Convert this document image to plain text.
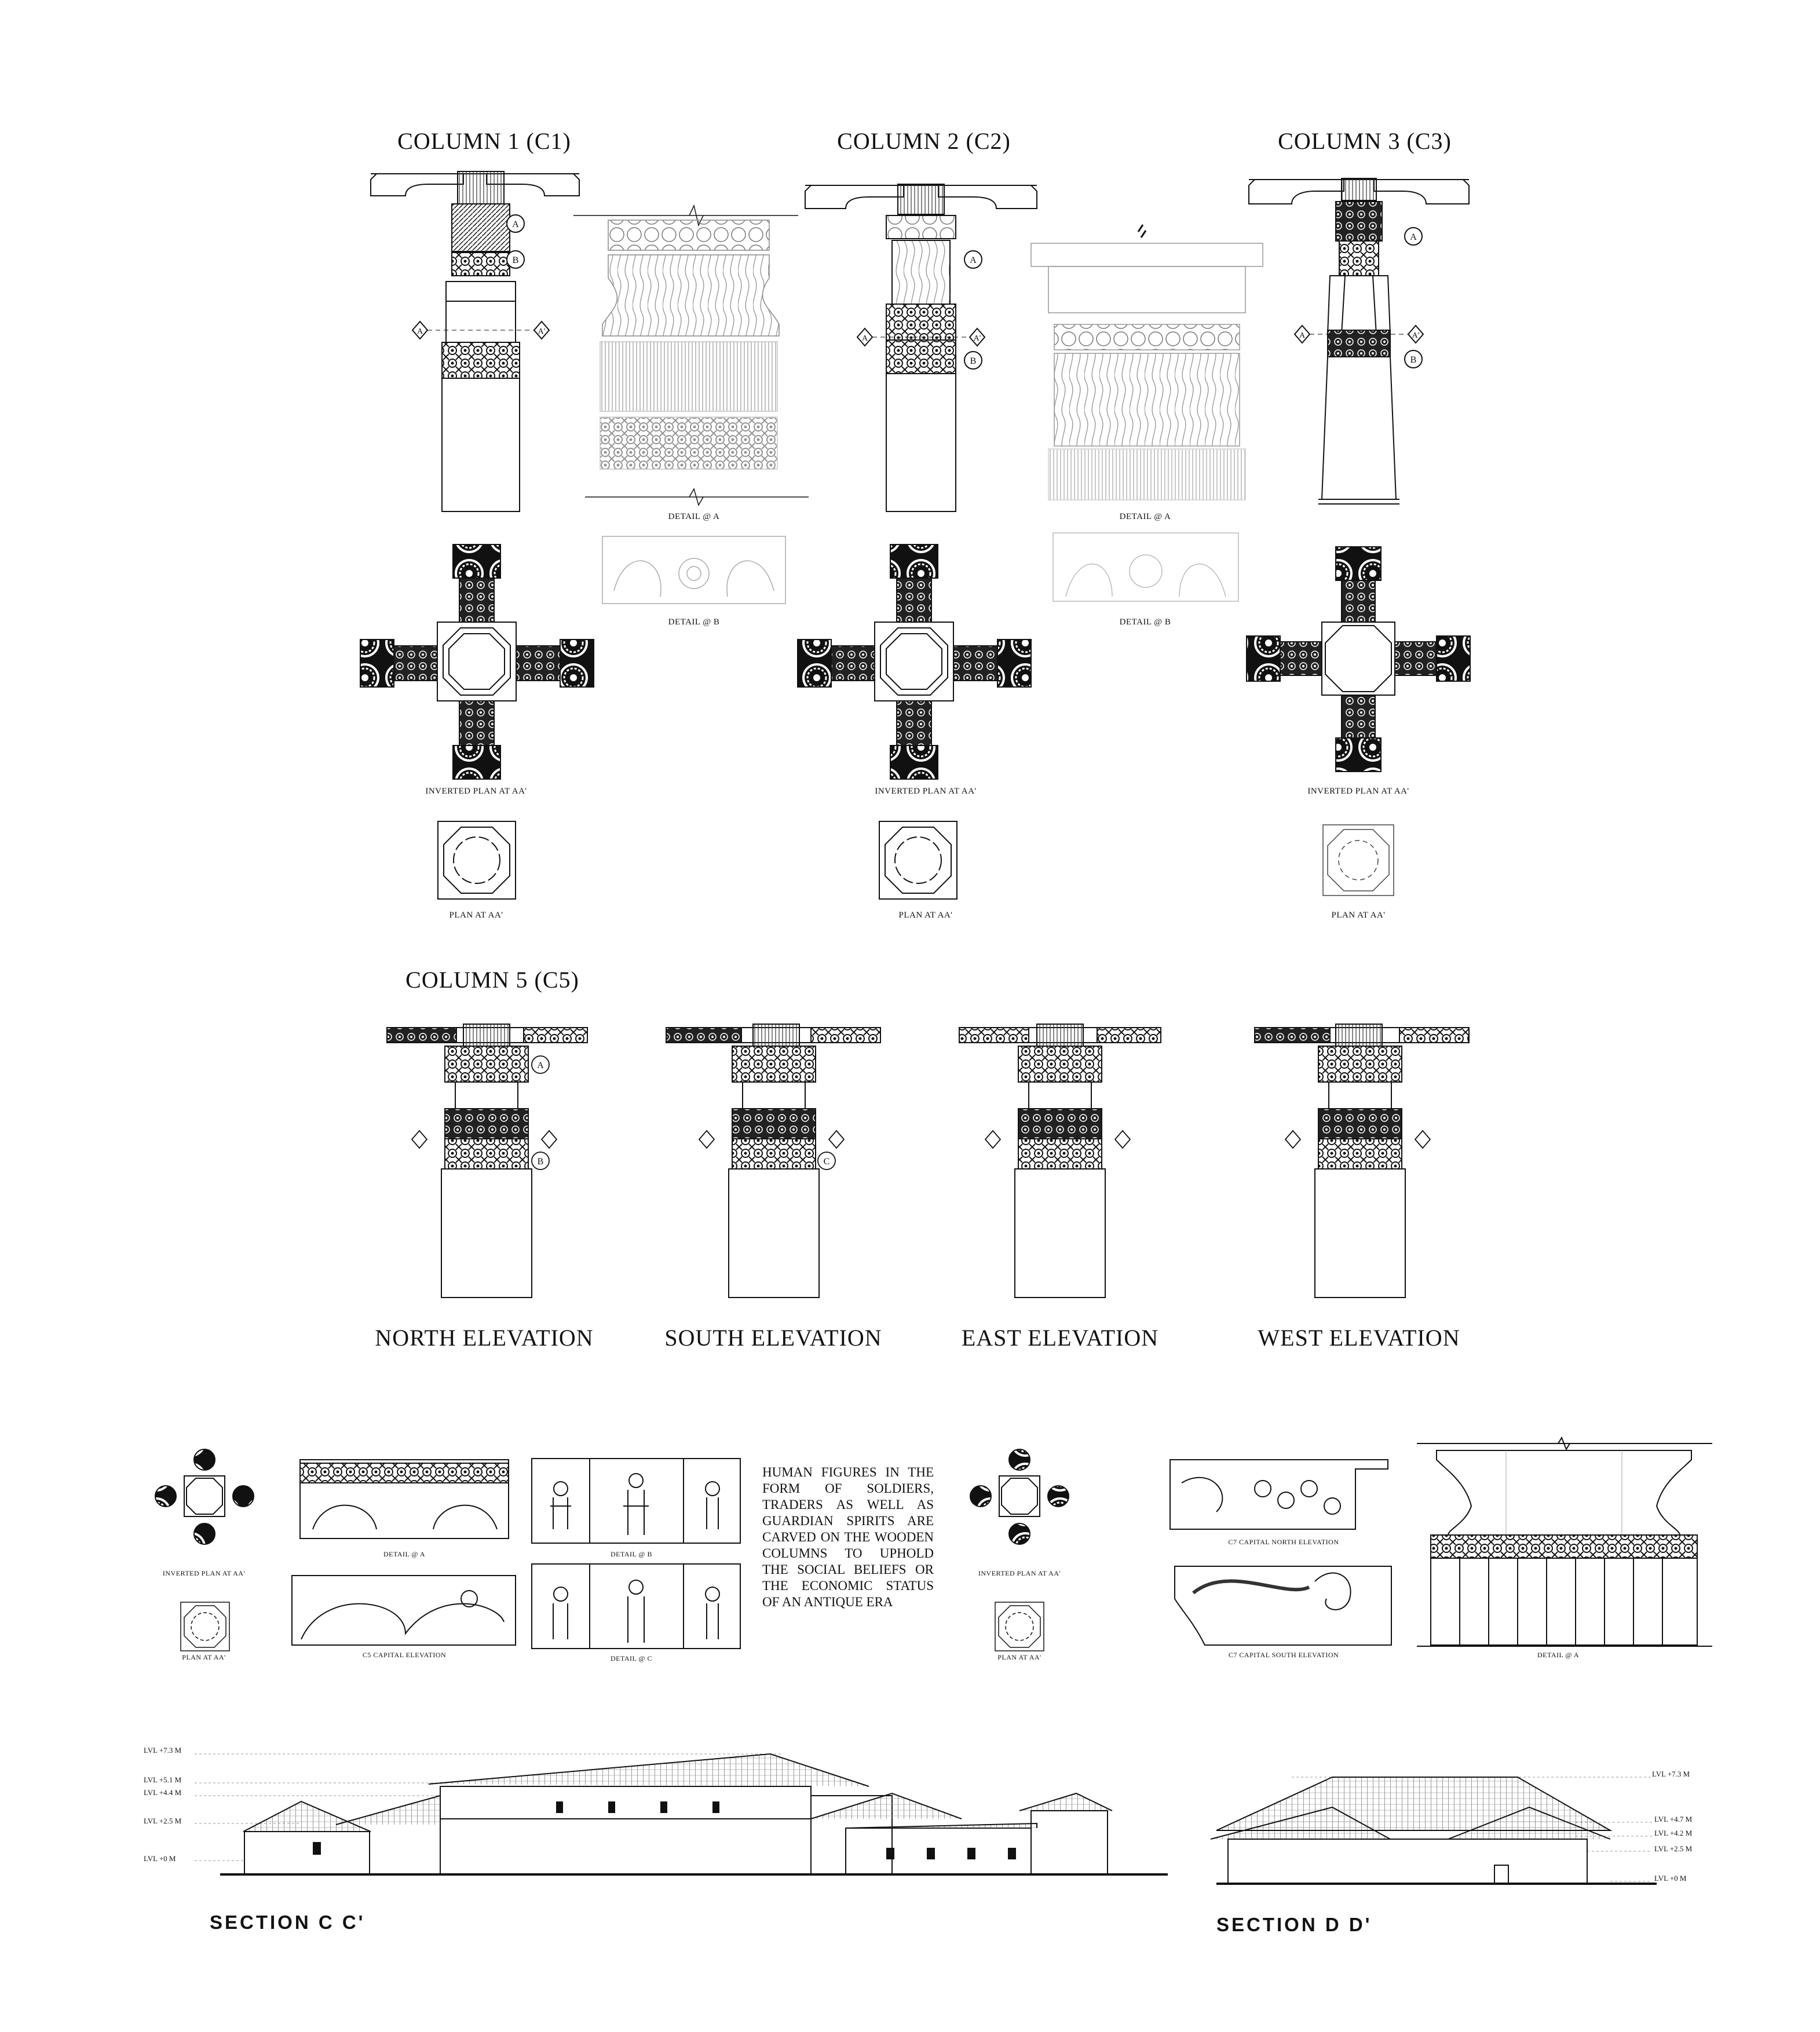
COLUMN 1 (C1)	COLUMN 2 (C2)	COLUMN 3 (C3)
DETAIL @ A
DETAIL @ B
DETAIL @ A
DETAIL @ B
INVERTED PLAN AT AA'	INVERTED PLAN AT AA'	INVERTED PLAN AT AA'
PLAN AT AA'	PLAN AT AA'	PLAN AT AA'
COLUMN 5 (C5)
NORTH ELEVATION	SOUTH ELEVATION	EAST ELEVATION	WEST ELEVATION
INVERTED PLAN AT AA'
PLAN AT AA'
DETAIL @ A
C5 CAPITAL ELEVATION
DETAIL @ B
DETAIL @ C
HUMAN FIGURES IN THE FORM OF SOLDIERS, TRADERS AS WELL AS GUARDIAN SPIRITS ARE CARVED ON THE WOODEN COLUMNS TO UPHOLD THE SOCIAL BELIEFS OR THE ECONOMIC STATUS OF AN ANTIQUE ERA
INVERTED PLAN AT AA'
PLAN AT AA'
C7 CAPITAL NORTH ELEVATION
C7 CAPITAL SOUTH ELEVATION	DETAIL @ A
SECTION C C'	SECTION D D'
LVL +7.3 M
LVL +5.1 M
LVL +4.4 M
LVL +2.5 M
LVL +0 M
LVL +7.3 M
LVL +4.7 M
LVL +4.2 M
LVL +2.5 M
LVL +0 M
A
B
A	A'
A
B
A	A'
A
B
A	A'
A
B	C
